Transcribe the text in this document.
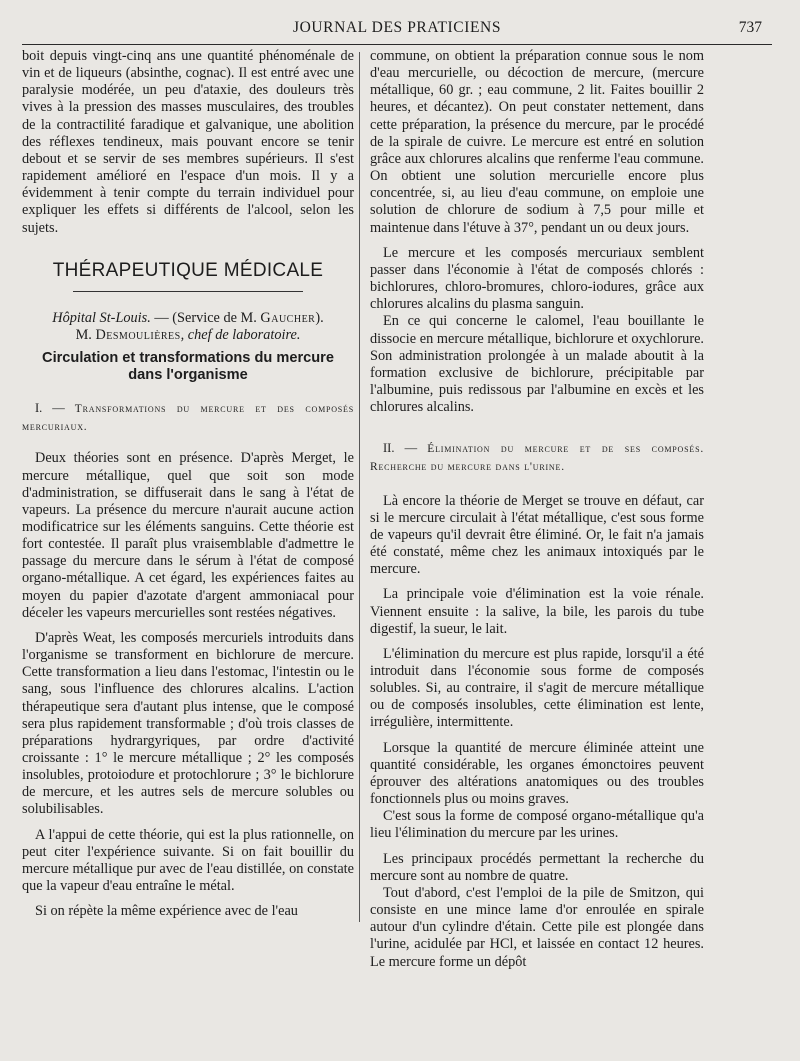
JOURNAL DES PRATICIENS	737

boit depuis vingt-cinq ans une quantité phénoménale de vin et de liqueurs (absinthe, cognac). Il est entré avec une paralysie modérée, un peu d'ataxie, des douleurs très vives à la pression des masses musculaires, des troubles de la contractilité faradique et galvanique, une abolition des réflexes tendineux, mais pouvant encore se tenir debout et se servir de ses membres supérieurs. Il s'est rapidement amélioré en l'espace d'un mois. Il y a évidemment à tenir compte du terrain individuel pour expliquer les effets si différents de l'alcool, selon les sujets.

THÉRAPEUTIQUE MÉDICALE

Hôpital St-Louis. — (Service de M. Gaucher).

M. Desmoulières, chef de laboratoire.

Circulation et transformations du mercure
dans l'organisme

I. — Transformations du mercure et des composés mercuriaux.

Deux théories sont en présence. D'après Merget, le mercure métallique, quel que soit son mode d'administration, se diffuserait dans le sang à l'état de vapeurs. La présence du mercure n'aurait aucune action modificatrice sur les éléments sanguins. Cette théorie est fort contestée. Il paraît plus vraisemblable d'admettre le passage du mercure dans le sérum à l'état de composé organo-métallique. A cet égard, les expériences faites au moyen du papier d'azotate d'argent ammoniacal pour déceler les vapeurs mercurielles sont restées négatives.

D'après Weat, les composés mercuriels introduits dans l'organisme se transforment en bichlorure de mercure. Cette transformation a lieu dans l'estomac, l'intestin ou le sang, sous l'influence des chlorures alcalins. L'action thérapeutique sera d'autant plus intense, que le composé sera plus rapidement transformable ; d'où trois classes de préparations hydrargyriques, par ordre d'activité croissante : 1° le mercure métallique ; 2° les composés insolubles, protoiodure et protochlorure ; 3° le bichlorure de mercure, et les autres sels de mercure solubles ou solubilisables.

A l'appui de cette théorie, qui est la plus rationnelle, on peut citer l'expérience suivante. Si on fait bouillir du mercure métallique pur avec de l'eau distillée, on constate que la vapeur d'eau entraîne le métal.

Si on répète la même expérience avec de l'eau

commune, on obtient la préparation connue sous le nom d'eau mercurielle, ou décoction de mercure, (mercure métallique, 60 gr. ; eau commune, 2 lit. Faites bouillir 2 heures, et décantez). On peut constater nettement, dans cette préparation, la présence du mercure, par le procédé de la spirale de cuivre. Le mercure est entré en solution grâce aux chlorures alcalins que renferme l'eau commune. On obtient une solution mercurielle encore plus concentrée, si, au lieu d'eau commune, on emploie une solution de chlorure de sodium à 7,5 pour mille et maintenue dans l'étuve à 37°, pendant un ou deux jours.

Le mercure et les composés mercuriaux semblent passer dans l'économie à l'état de composés chlorés : bichlorures, chloro-bromures, chloro-iodures, grâce aux chlorures alcalins du plasma sanguin.

En ce qui concerne le calomel, l'eau bouillante le dissocie en mercure métallique, bichlorure et oxychlorure. Son administration prolongée à un malade aboutit à la formation exclusive de bichlorure, précipitable par l'albumine, puis redissous par l'albumine en excès et les chlorures alcalins.

II. — Élimination du mercure et de ses composés. Recherche du mercure dans l'urine.

Là encore la théorie de Merget se trouve en défaut, car si le mercure circulait à l'état métallique, c'est sous forme de vapeurs qu'il devrait être éliminé. Or, le fait n'a jamais été constaté, même chez les animaux intoxiqués par le mercure.

La principale voie d'élimination est la voie rénale. Viennent ensuite : la salive, la bile, les parois du tube digestif, la sueur, le lait.

L'élimination du mercure est plus rapide, lorsqu'il a été introduit dans l'économie sous forme de composés solubles. Si, au contraire, il s'agit de mercure métallique ou de composés insolubles, cette élimination est lente, irrégulière, intermittente.

Lorsque la quantité de mercure éliminée atteint une quantité considérable, les organes émonctoires peuvent éprouver des altérations anatomiques ou des troubles fonctionnels plus ou moins graves.

C'est sous la forme de composé organo-métallique qu'a lieu l'élimination du mercure par les urines.

Les principaux procédés permettant la recherche du mercure sont au nombre de quatre.

Tout d'abord, c'est l'emploi de la pile de Smitzon, qui consiste en une mince lame d'or enroulée en spirale autour d'un cylindre d'étain. Cette pile est plongée dans l'urine, acidulée par HCl, et laissée en contact 12 heures. Le mercure forme un dépôt
